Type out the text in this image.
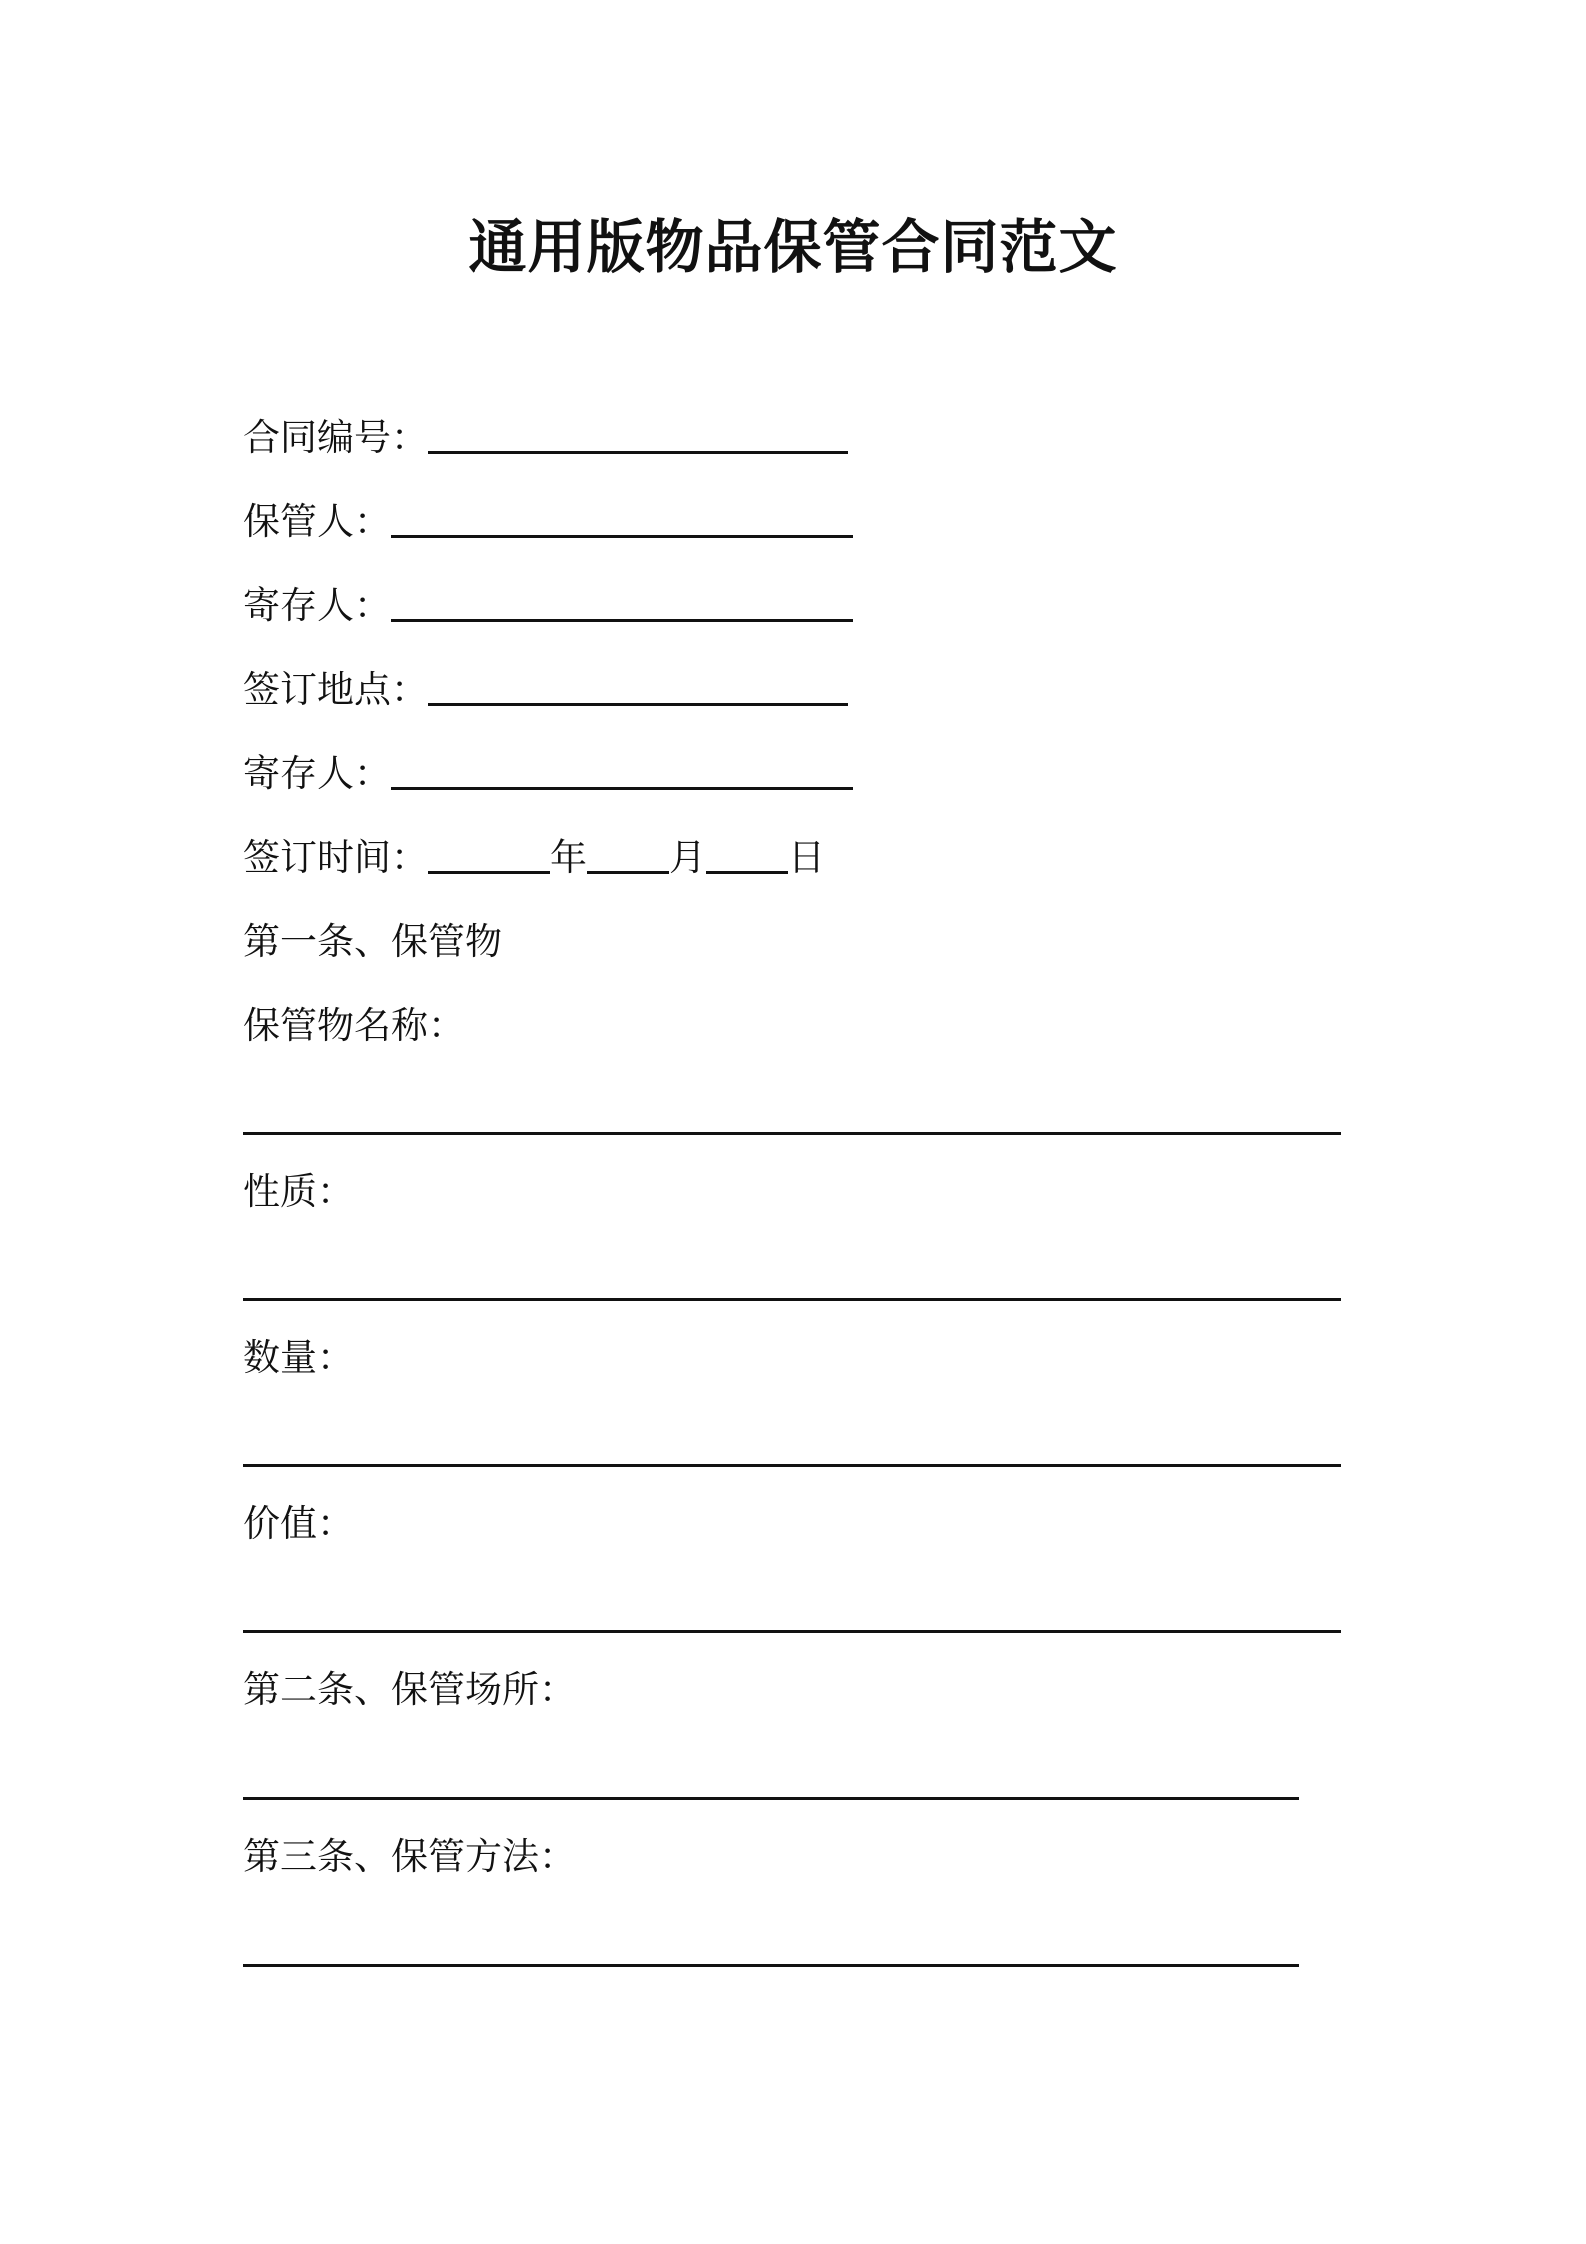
通用版物品保管合同范文
合同编号：
保管人：
寄存人：
签订地点：
寄存人：
签订时间：	年 月 日
第一条、保管物
保管物名称：
性质：
数量：
价值：
第二条、保管场所：
第三条、保管方法：
